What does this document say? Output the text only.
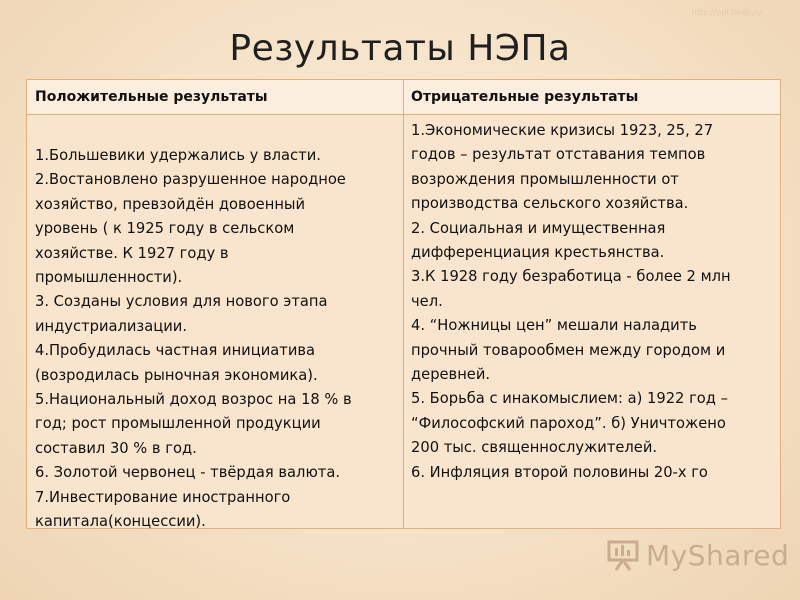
http://ppt4web.ru
Результаты НЭПа
Положительные результаты	Отрицательные результаты
1.Большевики удержались у власти.
2.Востановлено разрушенное народное
хозяйство, превзойдён довоенный
уровень ( к 1925 году в сельском
хозяйстве. К 1927 году в
промышленности).
3. Созданы условия для нового этапа
индустриализации.
4.Пробудилась частная инициатива
(возродилась рыночная экономика).
5.Национальный доход возрос на 18 % в
год; рост промышленной продукции
составил 30 % в год.
6. Золотой червонец - твёрдая валюта.
7.Инвестирование иностранного
капитала(концессии).
1.Экономические кризисы 1923, 25, 27
годов – результат отставания темпов
возрождения промышленности от
производства сельского хозяйства.
2. Социальная и имущественная
дифференциация крестьянства.
3.К 1928 году безработица - более 2 млн
чел.
4. “Ножницы цен” мешали наладить
прочный товарообмен между городом и
деревней.
5. Борьба с инакомыслием: а) 1922 год –
“Философский пароход”. б) Уничтожено
200 тыс. священнослужителей.
6. Инфляция второй половины 20-х го
MyShared
